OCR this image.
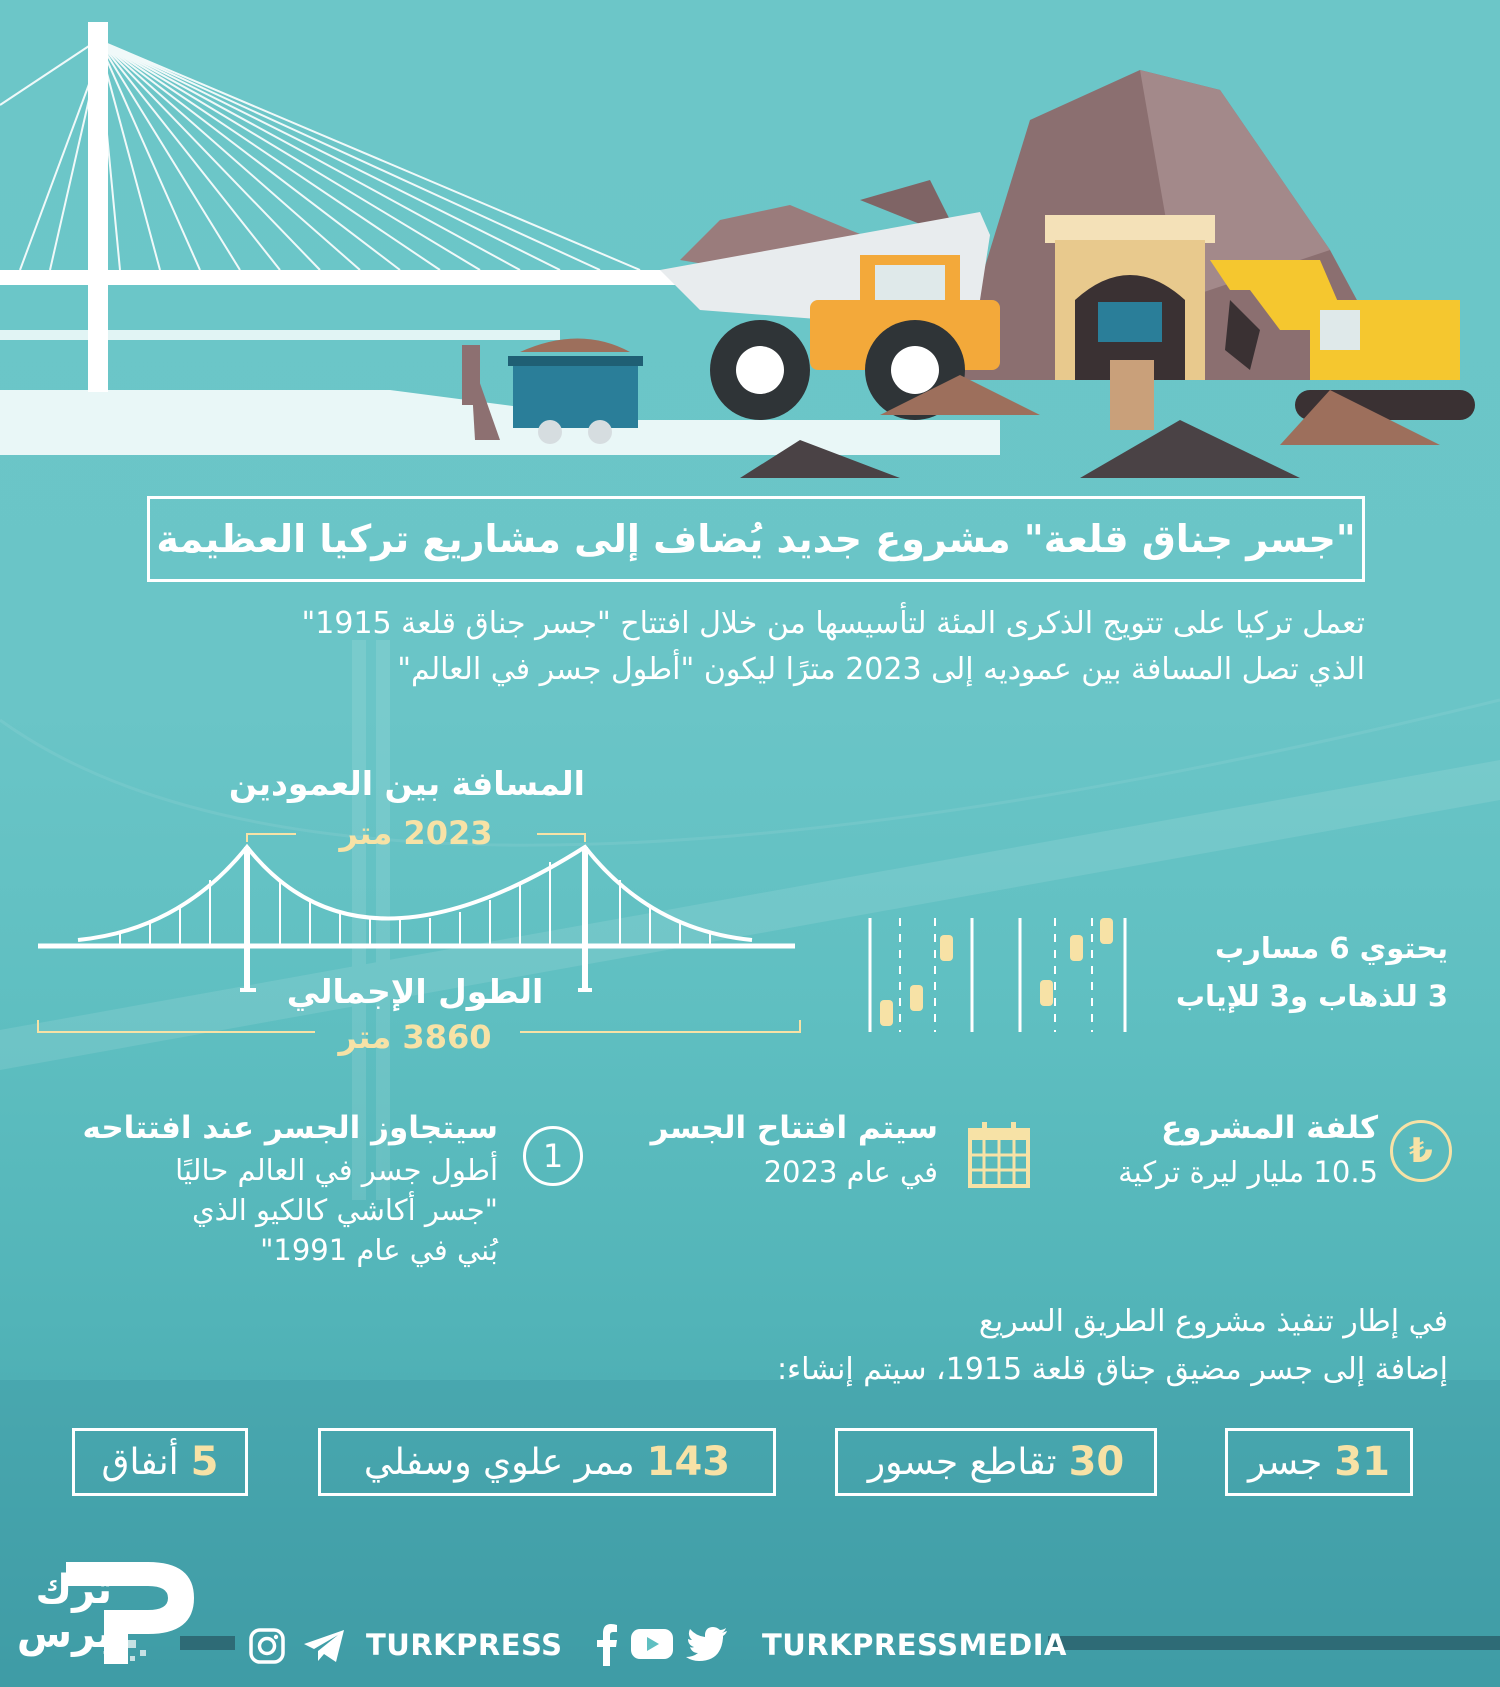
"جسر جناق قلعة" مشروع جديد يُضاف إلى مشاريع تركيا العظيمة
تعمل تركيا على تتويج الذكرى المئة لتأسيسها من خلال افتتاح "جسر جناق قلعة 1915"
الذي تصل المسافة بين عموديه إلى 2023 مترًا ليكون "أطول جسر في العالم"
المسافة بين العمودين
2023 متر
الطول الإجمالي
3860 متر
يحتوي 6 مسارب
3 للذهاب و3 للإياب
₺
كلفة المشروع
10.5 مليار ليرة تركية
سيتم افتتاح الجسر
في عام 2023
1
سيتجاوز الجسر عند افتتاحه
أطول جسر في العالم حاليًا
"جسر أكاشي كالكيو الذي
بُني في عام 1991"
في إطار تنفيذ مشروع الطريق السريع
إضافة إلى جسر مضيق جناق قلعة 1915، سيتم إنشاء:
31
جسر
30
تقاطع جسور
143
ممر علوي وسفلي
5
أنفاق
ترك
برس	TURKPRESS	TURKPRESSMEDIA
